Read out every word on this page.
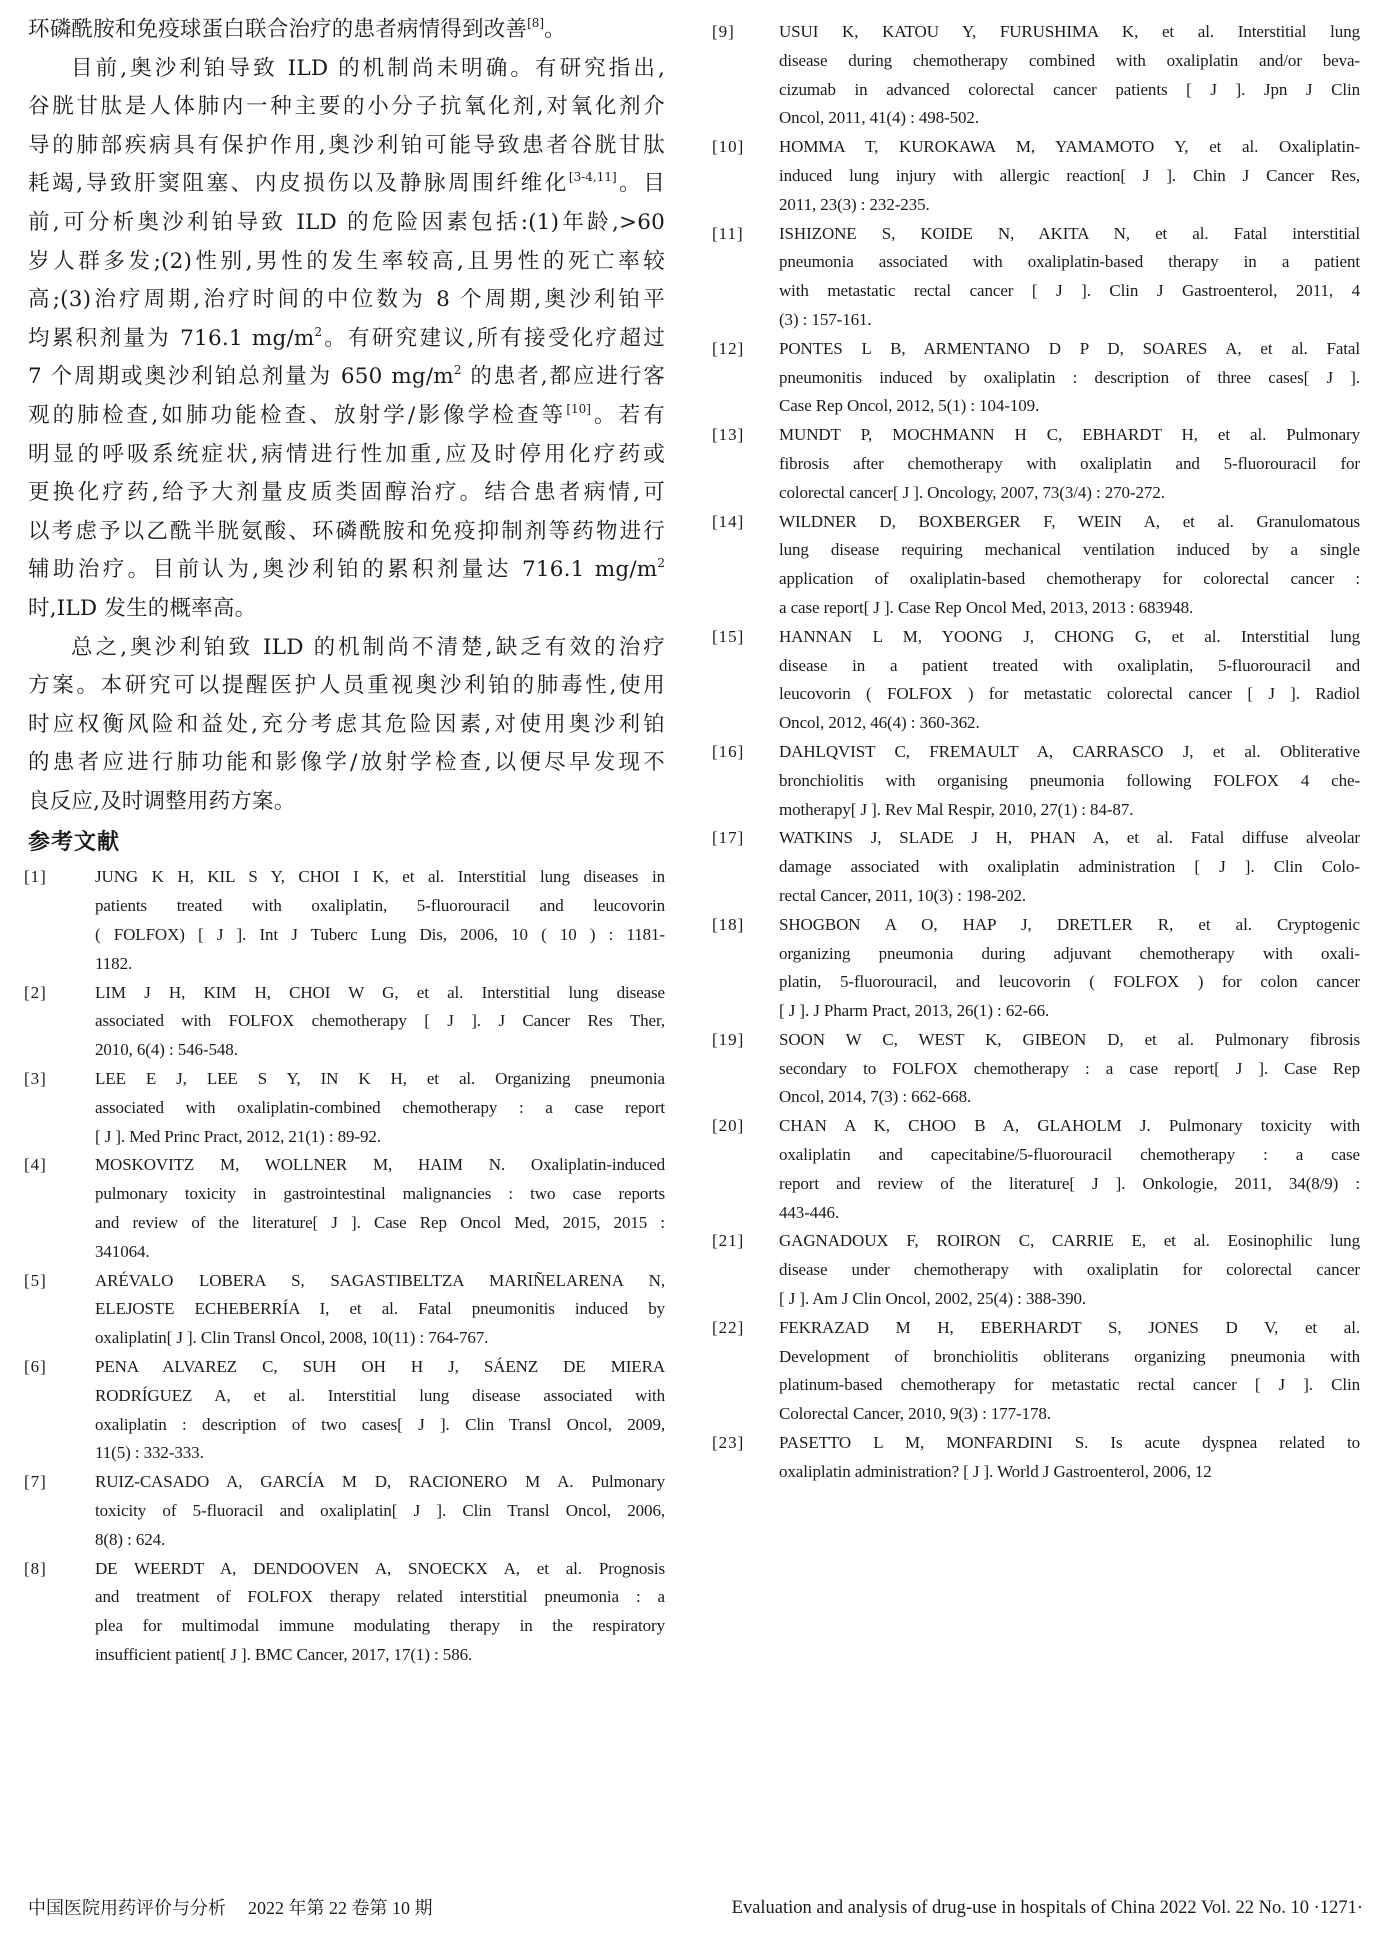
环磷酰胺和免疫球蛋白联合治疗的患者病情得到改善[8]。
目前,奥沙利铂导致 ILD 的机制尚未明确。有研究指出,
谷胱甘肽是人体肺内一种主要的小分子抗氧化剂,对氧化剂介
导的肺部疾病具有保护作用,奥沙利铂可能导致患者谷胱甘肽
耗竭,导致肝窦阻塞、内皮损伤以及静脉周围纤维化[3-4,11]。目
前,可分析奥沙利铂导致 ILD 的危险因素包括:(1)年龄,>60
岁人群多发;(2)性别,男性的发生率较高,且男性的死亡率较
高;(3)治疗周期,治疗时间的中位数为 8 个周期,奥沙利铂平
均累积剂量为 716.1 $mg/m^2$。有研究建议,所有接受化疗超过
7 个周期或奥沙利铂总剂量为 650 $mg/m^2$ 的患者,都应进行客
观的肺检查,如肺功能检查、放射学/影像学检查等[10]。若有
明显的呼吸系统症状,病情进行性加重,应及时停用化疗药或
更换化疗药,给予大剂量皮质类固醇治疗。结合患者病情,可
以考虑予以乙酰半胱氨酸、环磷酰胺和免疫抑制剂等药物进行
辅助治疗。目前认为,奥沙利铂的累积剂量达 716.1 $mg/m^2$
时,ILD 发生的概率高。
总之,奥沙利铂致 ILD 的机制尚不清楚,缺乏有效的治疗
方案。本研究可以提醒医护人员重视奥沙利铂的肺毒性,使用
时应权衡风险和益处,充分考虑其危险因素,对使用奥沙利铂
的患者应进行肺功能和影像学/放射学检查,以便尽早发现不
良反应,及时调整用药方案。
参考文献
[1]	JUNG K H, KIL S Y, CHOI I K, et al. Interstitial lung diseases in
patients treated with oxaliplatin, 5-fluorouracil and leucovorin
( FOLFOX) [ J ]. Int J Tuberc Lung Dis, 2006, 10 ( 10 ) : 1181-
1182.
[2]	LIM J H, KIM H, CHOI W G, et al. Interstitial lung disease
associated with FOLFOX chemotherapy [ J ]. J Cancer Res Ther,
2010, 6(4) : 546-548.
[3]	LEE E J, LEE S Y, IN K H, et al. Organizing pneumonia
associated with oxaliplatin-combined chemotherapy : a case report
[ J ]. Med Princ Pract, 2012, 21(1) : 89-92.
[4]	MOSKOVITZ M, WOLLNER M, HAIM N. Oxaliplatin-induced
pulmonary toxicity in gastrointestinal malignancies : two case reports
and review of the literature[ J ]. Case Rep Oncol Med, 2015, 2015 :
341064.
[5]	ARÉVALO LOBERA S, SAGASTIBELTZA MARIÑELARENA N,
ELEJOSTE ECHEBERRÍA I, et al. Fatal pneumonitis induced by
oxaliplatin[ J ]. Clin Transl Oncol, 2008, 10(11) : 764-767.
[6]	PENA ALVAREZ C, SUH OH H J, SÁENZ DE MIERA
RODRÍGUEZ A, et al. Interstitial lung disease associated with
oxaliplatin : description of two cases[ J ]. Clin Transl Oncol, 2009,
11(5) : 332-333.
[7]	RUIZ-CASADO A, GARCÍA M D, RACIONERO M A. Pulmonary
toxicity of 5-fluoracil and oxaliplatin[ J ]. Clin Transl Oncol, 2006,
8(8) : 624.
[8]	DE WEERDT A, DENDOOVEN A, SNOECKX A, et al. Prognosis
and treatment of FOLFOX therapy related interstitial pneumonia : a
plea for multimodal immune modulating therapy in the respiratory
insufficient patient[ J ]. BMC Cancer, 2017, 17(1) : 586.
[9]	USUI K, KATOU Y, FURUSHIMA K, et al. Interstitial lung
disease during chemotherapy combined with oxaliplatin and/or beva-
cizumab in advanced colorectal cancer patients [ J ]. Jpn J Clin
Oncol, 2011, 41(4) : 498-502.
[10] HOMMA T, KUROKAWA M, YAMAMOTO Y, et al. Oxaliplatin-
induced lung injury with allergic reaction[ J ]. Chin J Cancer Res,
2011, 23(3) : 232-235.
[11] ISHIZONE S, KOIDE N, AKITA N, et al. Fatal interstitial
pneumonia associated with oxaliplatin-based therapy in a patient
with metastatic rectal cancer [ J ]. Clin J Gastroenterol, 2011, 4
(3) : 157-161.
[12] PONTES L B, ARMENTANO D P D, SOARES A, et al. Fatal
pneumonitis induced by oxaliplatin : description of three cases[ J ].
Case Rep Oncol, 2012, 5(1) : 104-109.
[13] MUNDT P, MOCHMANN H C, EBHARDT H, et al. Pulmonary
fibrosis after chemotherapy with oxaliplatin and 5-fluorouracil for
colorectal cancer[ J ]. Oncology, 2007, 73(3/4) : 270-272.
[14] WILDNER D, BOXBERGER F, WEIN A, et al. Granulomatous
lung disease requiring mechanical ventilation induced by a single
application of oxaliplatin-based chemotherapy for colorectal cancer :
a case report[ J ]. Case Rep Oncol Med, 2013, 2013 : 683948.
[15] HANNAN L M, YOONG J, CHONG G, et al. Interstitial lung
disease in a patient treated with oxaliplatin, 5-fluorouracil and
leucovorin ( FOLFOX ) for metastatic colorectal cancer [ J ]. Radiol
Oncol, 2012, 46(4) : 360-362.
[16] DAHLQVIST C, FREMAULT A, CARRASCO J, et al. Obliterative
bronchiolitis with organising pneumonia following FOLFOX 4 che-
motherapy[ J ]. Rev Mal Respir, 2010, 27(1) : 84-87.
[17] WATKINS J, SLADE J H, PHAN A, et al. Fatal diffuse alveolar
damage associated with oxaliplatin administration [ J ]. Clin Colo-
rectal Cancer, 2011, 10(3) : 198-202.
[18] SHOGBON A O, HAP J, DRETLER R, et al. Cryptogenic
organizing pneumonia during adjuvant chemotherapy with oxali-
platin, 5-fluorouracil, and leucovorin ( FOLFOX ) for colon cancer
[ J ]. J Pharm Pract, 2013, 26(1) : 62-66.
[19] SOON W C, WEST K, GIBEON D, et al. Pulmonary fibrosis
secondary to FOLFOX chemotherapy : a case report[ J ]. Case Rep
Oncol, 2014, 7(3) : 662-668.
[20] CHAN A K, CHOO B A, GLAHOLM J. Pulmonary toxicity with
oxaliplatin and capecitabine/5-fluorouracil chemotherapy : a case
report and review of the literature[ J ]. Onkologie, 2011, 34(8/9) :
443-446.
[21] GAGNADOUX F, ROIRON C, CARRIE E, et al. Eosinophilic lung
disease under chemotherapy with oxaliplatin for colorectal cancer
[ J ]. Am J Clin Oncol, 2002, 25(4) : 388-390.
[22] FEKRAZAD M H, EBERHARDT S, JONES D V, et al.
Development of bronchiolitis obliterans organizing pneumonia with
platinum-based chemotherapy for metastatic rectal cancer [ J ]. Clin
Colorectal Cancer, 2010, 9(3) : 177-178.
[23] PASETTO L M, MONFARDINI S. Is acute dyspnea related to
oxaliplatin administration? [ J ]. World J Gastroenterol, 2006, 12
中国医院用药评价与分析 2022 年第 22 卷第 10 期	Evaluation and analysis of drug-use in hospitals of China 2022 Vol. 22 No. 10 ·1271·
